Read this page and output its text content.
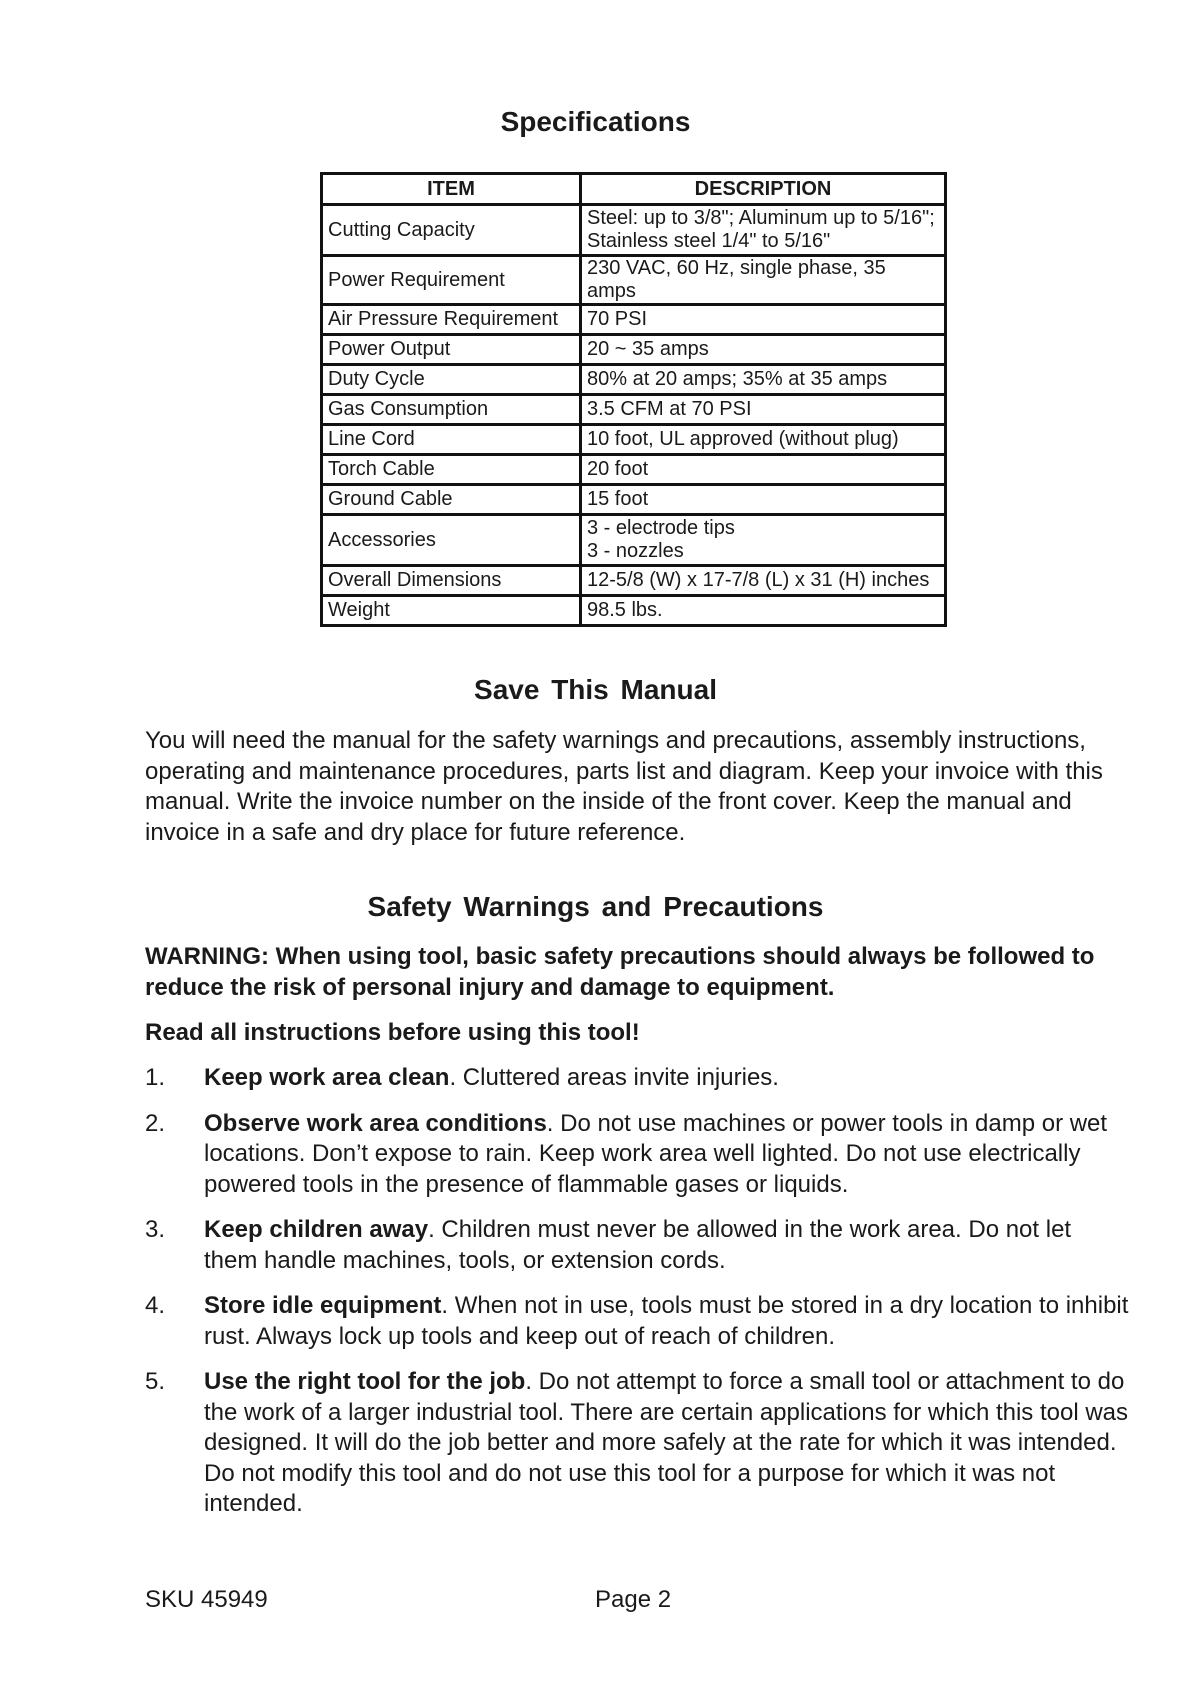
Specifications
ITEM	DESCRIPTION
Cutting Capacity	Steel: up to 3/8"; Aluminum up to 5/16";
Stainless steel 1/4" to 5/16"
Power Requirement	230 VAC, 60 Hz, single phase, 35 amps
Air Pressure Requirement	70 PSI
Power Output	20 ~ 35 amps
Duty Cycle	80% at 20 amps; 35% at 35 amps
Gas Consumption	3.5 CFM at 70 PSI
Line Cord	10 foot, UL approved (without plug)
Torch Cable	20 foot
Ground Cable	15 foot
Accessories	3 - electrode tips
3 - nozzles
Overall Dimensions	12-5/8 (W) x 17-7/8 (L) x 31 (H) inches
Weight	98.5 lbs.
Save This Manual

You will need the manual for the safety warnings and precautions, assembly instructions, operating and maintenance procedures, parts list and diagram. Keep your invoice with this manual. Write the invoice number on the inside of the front cover. Keep the manual and invoice in a safe and dry place for future reference.

Safety Warnings and Precautions

WARNING: When using tool, basic safety precautions should always be followed to reduce the risk of personal injury and damage to equipment.

Read all instructions before using this tool!

1. Keep work area clean. Cluttered areas invite injuries.
2. Observe work area conditions. Do not use machines or power tools in damp or wet locations. Don’t expose to rain. Keep work area well lighted. Do not use electrically powered tools in the presence of flammable gases or liquids.
3. Keep children away. Children must never be allowed in the work area. Do not let them handle machines, tools, or extension cords.
4. Store idle equipment. When not in use, tools must be stored in a dry location to inhibit rust. Always lock up tools and keep out of reach of children.
5. Use the right tool for the job. Do not attempt to force a small tool or attachment to do the work of a larger industrial tool. There are certain applications for which this tool was designed. It will do the job better and more safely at the rate for which it was intended. Do not modify this tool and do not use this tool for a purpose for which it was not intended.
SKU 45949	Page 2
